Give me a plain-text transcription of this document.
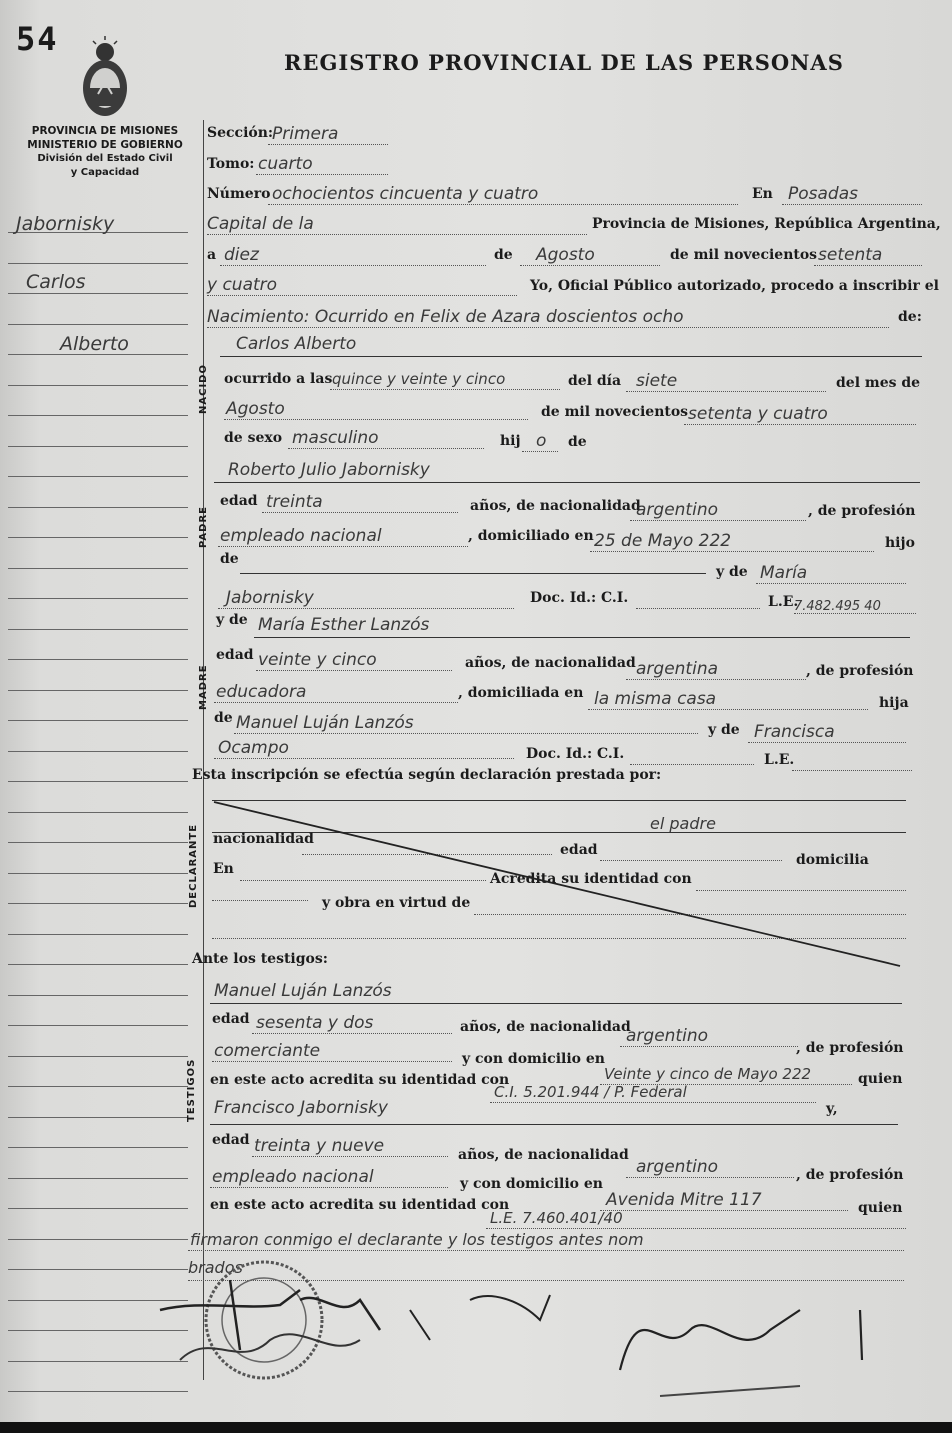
54
REGISTRO PROVINCIAL DE LAS PERSONAS
PROVINCIA DE MISIONES
MINISTERIO DE GOBIERNO
División del Estado Civil
y Capacidad
Jabornisky
Carlos
Alberto
Sección:
Primera
Tomo: cuarto
Número ochocientos cincuenta y cuatro	En Posadas
Capital de la	Provincia de Misiones, República Argentina,
a diez	de Agosto	de mil novecientos setenta
y cuatro	Yo, Oficial Público autorizado, procedo a inscribir el
Nacimiento: Ocurrido en Felix de Azara doscientos ocho	de:
Carlos Alberto
NACIDO ocurrido a las quince y veinte y cinco	del día siete	del mes de
Agosto	de mil novecientos setenta y cuatro
de sexo masculino	hij o de
Roberto Julio Jabornisky
PADRE
edad treinta	años, de nacionalidad
argentino	, de profesión
empleado nacional	, domiciliado en 25 de Mayo 222	hijo
de
y de María
Jabornisky	Doc. Id.: C.I.	L.E.
7.482.495 40
y de María Esther Lanzós
MADRE
edad veinte y cinco	años, de nacionalidad argentina	, de profesión
educadora	, domiciliada en la misma casa	hija
de Manuel Luján Lanzós	y de Francisca
Ocampo	Doc. Id.: C.I.	L.E.
Esta inscripción se efectúa según declaración prestada por:
el padre
DECLARANTE nacionalidad
edad
domicilia
En
Acredita su identidad con
y obra en virtud de
Ante los testigos:
Manuel Luján Lanzós
TESTIGOS
edad sesenta y dos	años, de nacionalidad
argentino
, de profesión
comerciante	y con domicilio en
Veinte y cinco de Mayo 222	quien
en este acto acredita su identidad con
C.I. 5.201.944 / P. Federal
y,
Francisco Jabornisky
edad treinta y nueve	años, de nacionalidad
argentino	, de profesión
empleado nacional	y con domicilio en
Avenida Mitre 117	quien
en este acto acredita su identidad con
L.E. 7.460.401/40
firmaron conmigo el declarante y los testigos antes nom
brados
